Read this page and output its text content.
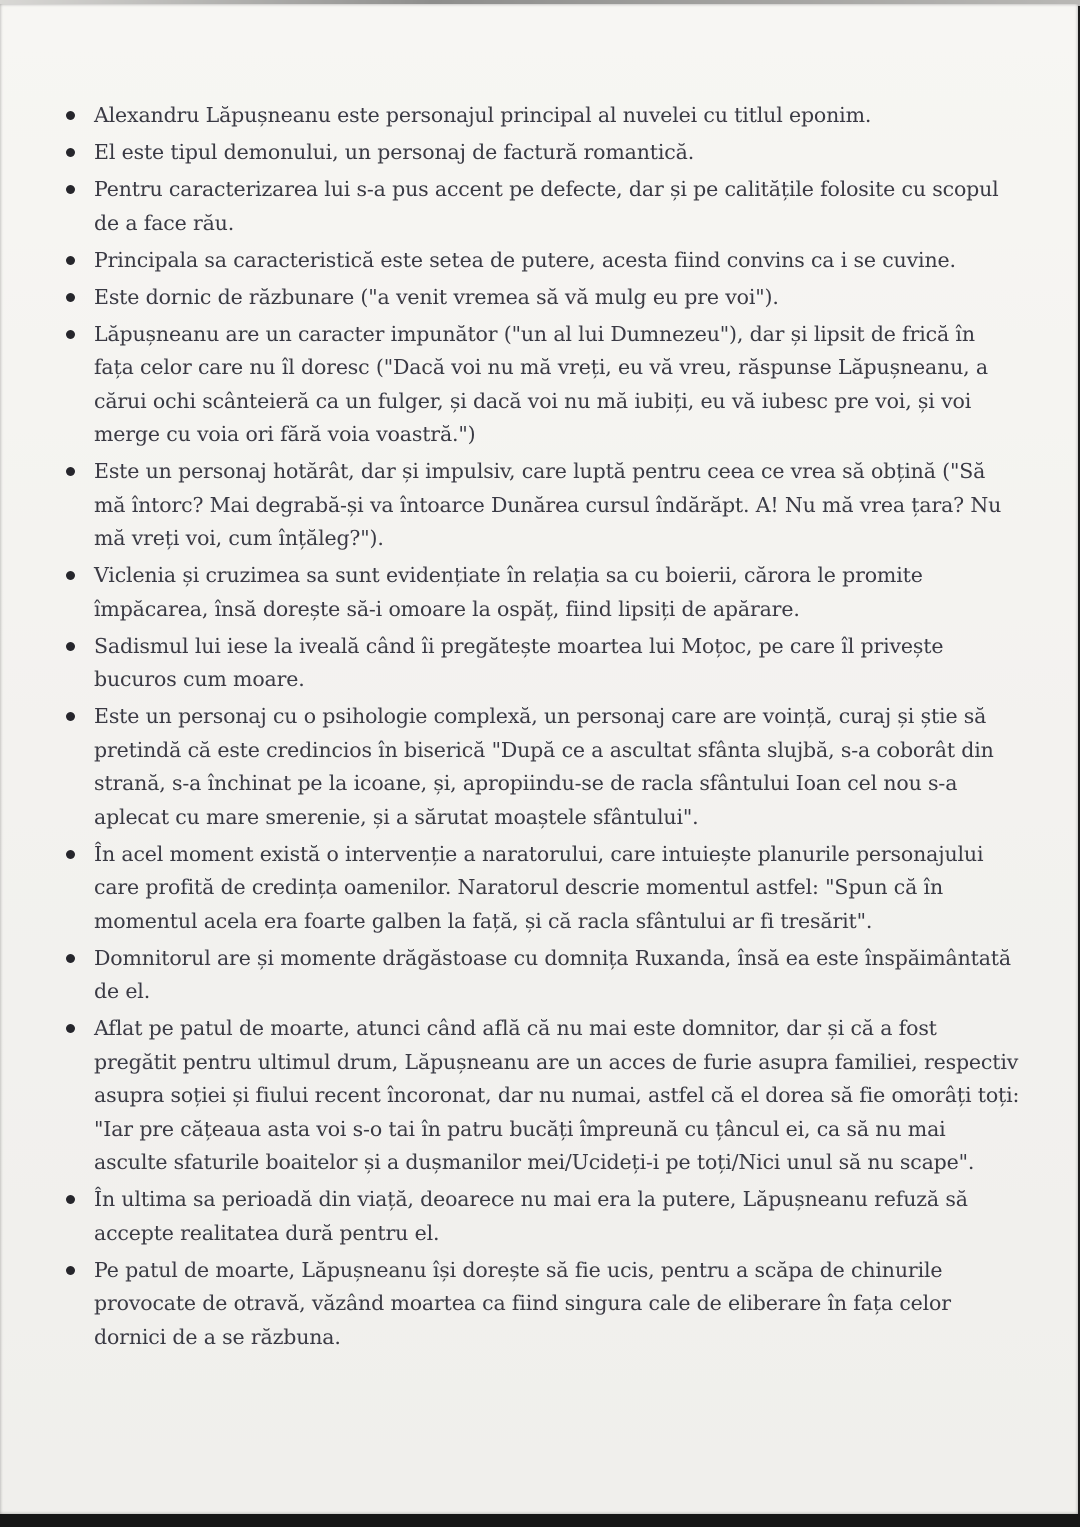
Alexandru Lăpușneanu este personajul principal al nuvelei cu titlul eponim.
El este tipul demonului, un personaj de factură romantică.
Pentru caracterizarea lui s-a pus accent pe defecte, dar și pe calitățile folosite cu scopul de a face rău.
Principala sa caracteristică este setea de putere, acesta fiind convins ca i se cuvine.
Este dornic de răzbunare ("a venit vremea să vă mulg eu pre voi").
Lăpușneanu are un caracter impunător ("un al lui Dumnezeu"), dar și lipsit de frică în fața celor care nu îl doresc ("Dacă voi nu mă vreți, eu vă vreu, răspunse Lăpușneanu, a cărui ochi scânteieră ca un fulger, și dacă voi nu mă iubiți, eu vă iubesc pre voi, și voi merge cu voia ori fără voia voastră.")
Este un personaj hotărât, dar și impulsiv, care luptă pentru ceea ce vrea să obțină ("Să mă întorc? Mai degrabă-și va întoarce Dunărea cursul îndărăpt. A! Nu mă vrea țara? Nu mă vreți voi, cum înțăleg?").
Viclenia și cruzimea sa sunt evidențiate în relația sa cu boierii, cărora le promite împăcarea, însă dorește să-i omoare la ospăț, fiind lipsiți de apărare.
Sadismul lui iese la iveală când îi pregătește moartea lui Moțoc, pe care îl privește bucuros cum moare.
Este un personaj cu o psihologie complexă, un personaj care are voință, curaj și știe să pretindă că este credincios în biserică "După ce a ascultat sfânta slujbă, s-a coborât din strană, s-a închinat pe la icoane, și, apropiindu-se de racla sfântului Ioan cel nou s-a aplecat cu mare smerenie, și a sărutat moaștele sfântului".
În acel moment există o intervenție a naratorului, care intuiește planurile personajului care profită de credința oamenilor. Naratorul descrie momentul astfel: "Spun că în momentul acela era foarte galben la față, și că racla sfântului ar fi tresărit".
Domnitorul are și momente drăgăstoase cu domnița Ruxanda, însă ea este înspăimântată de el.
Aflat pe patul de moarte, atunci când află că nu mai este domnitor, dar și că a fost pregătit pentru ultimul drum, Lăpușneanu are un acces de furie asupra familiei, respectiv asupra soției și fiului recent încoronat, dar nu numai, astfel că el dorea să fie omorâți toți: "Iar pre cățeaua asta voi s-o tai în patru bucăți împreună cu țâncul ei, ca să nu mai asculte sfaturile boaitelor și a dușmanilor mei/Ucideți-i pe toți/Nici unul să nu scape".
În ultima sa perioadă din viață, deoarece nu mai era la putere, Lăpușneanu refuză să accepte realitatea dură pentru el.
Pe patul de moarte, Lăpușneanu își dorește să fie ucis, pentru a scăpa de chinurile provocate de otravă, văzând moartea ca fiind singura cale de eliberare în fața celor dornici de a se răzbuna.
